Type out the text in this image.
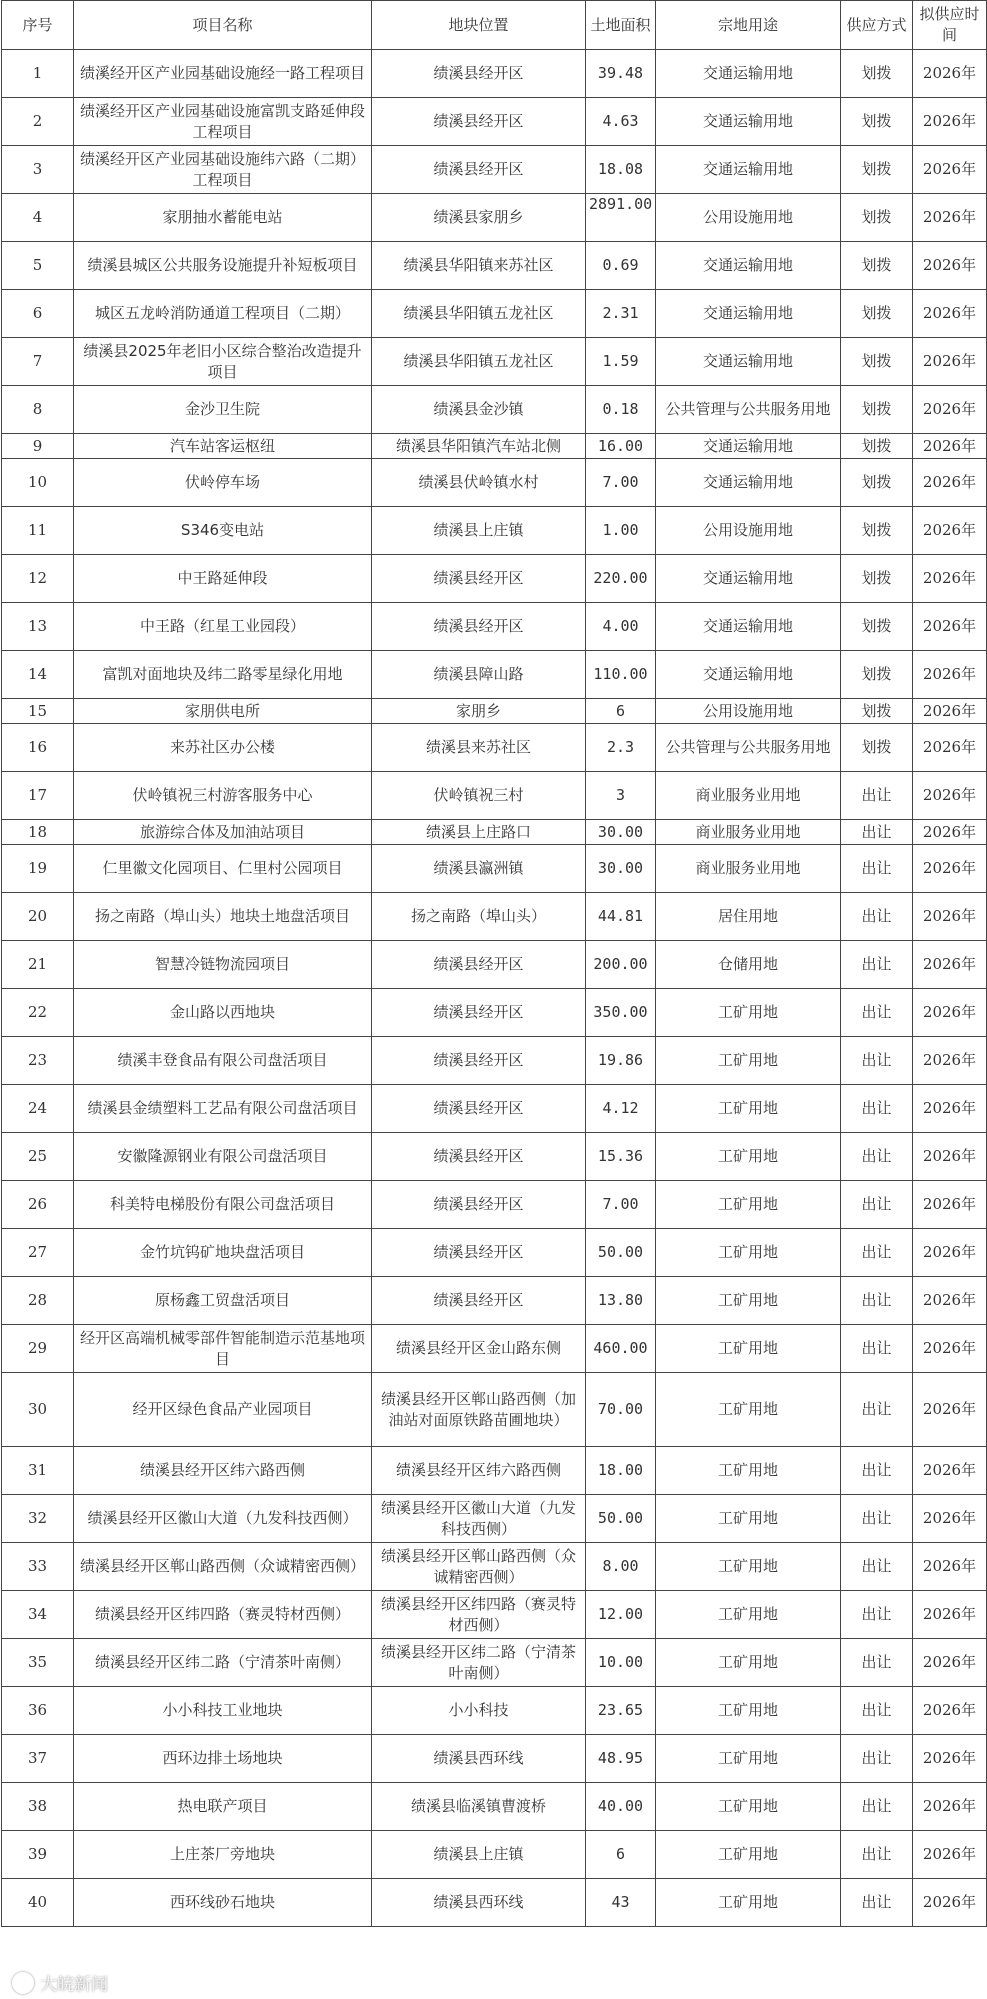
序号	项目名称	地块位置	土地面积	宗地用途	供应方式	拟供应时间
1	绩溪经开区产业园基础设施经一路工程项目	绩溪县经开区	39.48	交通运输用地	划拨	2026年
2	绩溪经开区产业园基础设施富凯支路延伸段工程项目	绩溪县经开区	4.63	交通运输用地	划拨	2026年
3	绩溪经开区产业园基础设施纬六路（二期）工程项目	绩溪县经开区	18.08	交通运输用地	划拨	2026年
4	家朋抽水蓄能电站	绩溪县家朋乡	2891.00	公用设施用地	划拨	2026年
5	绩溪县城区公共服务设施提升补短板项目	绩溪县华阳镇来苏社区	0.69	交通运输用地	划拨	2026年
6	城区五龙岭消防通道工程项目（二期）	绩溪县华阳镇五龙社区	2.31	交通运输用地	划拨	2026年
7	绩溪县2025年老旧小区综合整治改造提升项目	绩溪县华阳镇五龙社区	1.59	交通运输用地	划拨	2026年
8	金沙卫生院	绩溪县金沙镇	0.18	公共管理与公共服务用地	划拨	2026年
9	汽车站客运枢纽	绩溪县华阳镇汽车站北侧	16.00	交通运输用地	划拨	2026年
10	伏岭停车场	绩溪县伏岭镇水村	7.00	交通运输用地	划拨	2026年
11	S346变电站	绩溪县上庄镇	1.00	公用设施用地	划拨	2026年
12	中王路延伸段	绩溪县经开区	220.00	交通运输用地	划拨	2026年
13	中王路（红星工业园段）	绩溪县经开区	4.00	交通运输用地	划拨	2026年
14	富凯对面地块及纬二路零星绿化用地	绩溪县障山路	110.00	交通运输用地	划拨	2026年
15	家朋供电所	家朋乡	6	公用设施用地	划拨	2026年
16	来苏社区办公楼	绩溪县来苏社区	2.3	公共管理与公共服务用地	划拨	2026年
17	伏岭镇祝三村游客服务中心	伏岭镇祝三村	3	商业服务业用地	出让	2026年
18	旅游综合体及加油站项目	绩溪县上庄路口	30.00	商业服务业用地	出让	2026年
19	仁里徽文化园项目、仁里村公园项目	绩溪县瀛洲镇	30.00	商业服务业用地	出让	2026年
20	扬之南路（埠山头）地块土地盘活项目	扬之南路（埠山头）	44.81	居住用地	出让	2026年
21	智慧冷链物流园项目	绩溪县经开区	200.00	仓储用地	出让	2026年
22	金山路以西地块	绩溪县经开区	350.00	工矿用地	出让	2026年
23	绩溪丰登食品有限公司盘活项目	绩溪县经开区	19.86	工矿用地	出让	2026年
24	绩溪县金绩塑料工艺品有限公司盘活项目	绩溪县经开区	4.12	工矿用地	出让	2026年
25	安徽隆源钢业有限公司盘活项目	绩溪县经开区	15.36	工矿用地	出让	2026年
26	科美特电梯股份有限公司盘活项目	绩溪县经开区	7.00	工矿用地	出让	2026年
27	金竹坑钨矿地块盘活项目	绩溪县经开区	50.00	工矿用地	出让	2026年
28	原杨鑫工贸盘活项目	绩溪县经开区	13.80	工矿用地	出让	2026年
29	经开区高端机械零部件智能制造示范基地项目	绩溪县经开区金山路东侧	460.00	工矿用地	出让	2026年
30	经开区绿色食品产业园项目	绩溪县经开区郸山路西侧（加油站对面原铁路苗圃地块）	70.00	工矿用地	出让	2026年
31	绩溪县经开区纬六路西侧	绩溪县经开区纬六路西侧	18.00	工矿用地	出让	2026年
32	绩溪县经开区徽山大道（九发科技西侧）	绩溪县经开区徽山大道（九发科技西侧）	50.00	工矿用地	出让	2026年
33	绩溪县经开区郸山路西侧（众诚精密西侧）	绩溪县经开区郸山路西侧（众诚精密西侧）	8.00	工矿用地	出让	2026年
34	绩溪县经开区纬四路（赛灵特材西侧）	绩溪县经开区纬四路（赛灵特材西侧）	12.00	工矿用地	出让	2026年
35	绩溪县经开区纬二路（宁清茶叶南侧）	绩溪县经开区纬二路（宁清茶叶南侧）	10.00	工矿用地	出让	2026年
36	小小科技工业地块	小小科技	23.65	工矿用地	出让	2026年
37	西环边排土场地块	绩溪县西环线	48.95	工矿用地	出让	2026年
38	热电联产项目	绩溪县临溪镇曹渡桥	40.00	工矿用地	出让	2026年
39	上庄茶厂旁地块	绩溪县上庄镇	6	工矿用地	出让	2026年
40	西环线砂石地块	绩溪县西环线	43	工矿用地	出让	2026年
大皖新闻
